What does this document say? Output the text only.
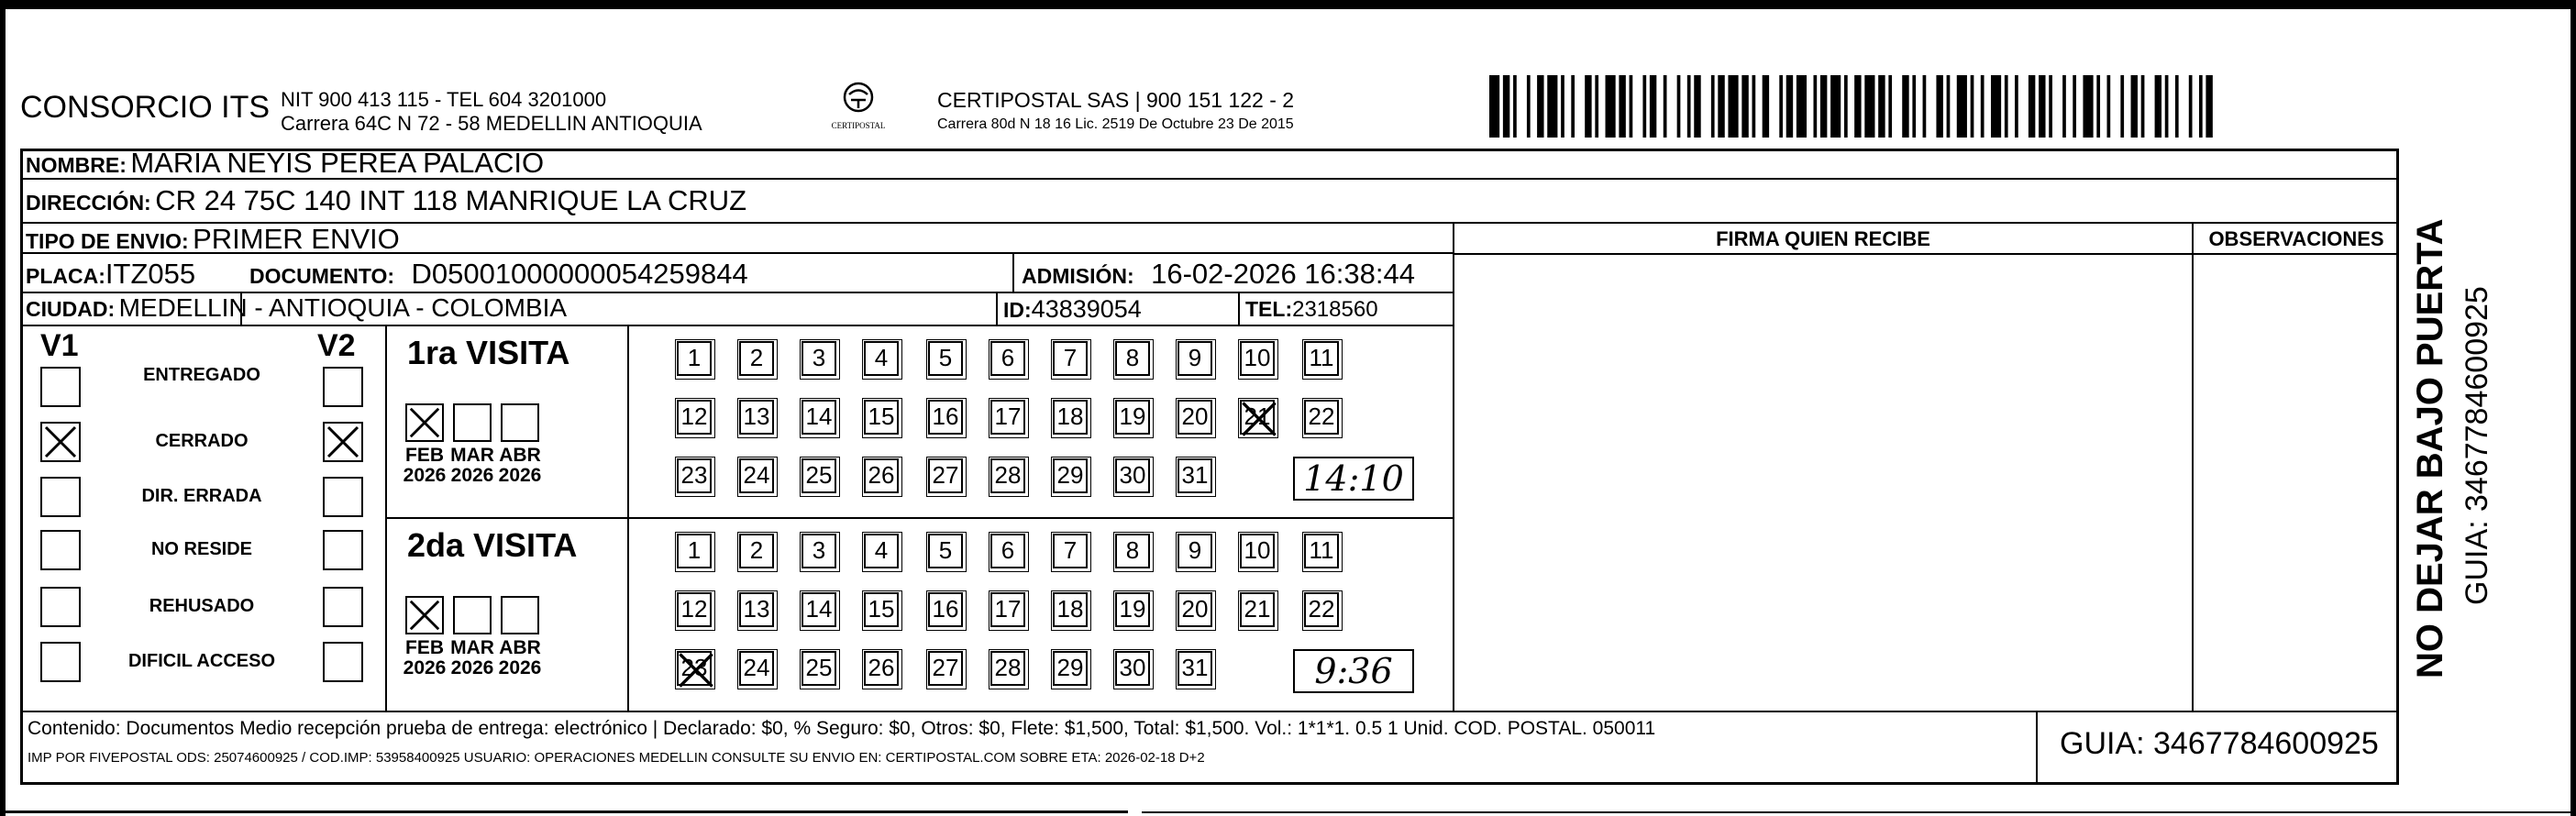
CONSORCIO ITS NIT 900 413 115 - TEL 604 3201000
Carrera 64C N 72 - 58 MEDELLIN ANTIOQUIA	CERTIPOSTAL
CERTIPOSTAL SAS | 900 151 122 - 2
Carrera 80d N 18 16 Lic. 2519 De Octubre 23 De 2015
NOMBRE: MARIA NEYIS PEREA PALACIO
DIRECCIÓN: CR 24 75C 140 INT 118 MANRIQUE LA CRUZ
TIPO DE ENVIO: PRIMER ENVIO
PLACA:ITZ055	DOCUMENTO: D05001000000054259844	ADMISIÓN: 16-02-2026 16:38:44
CIUDAD: MEDELLIN - ANTIOQUIA - COLOMBIA	ID:43839054	TEL:2318560
FIRMA QUIEN RECIBE	OBSERVACIONES
V1	V2
ENTREGADO
CERRADO
DIR. ERRADA
NO RESIDE
REHUSADO
DIFICIL ACCESO
1ra VISITA
2da VISITA
FEB
2026
MAR
2026
ABR
2026
1	2	3	4	5	6	7	8	9	10 11
12 13 14 15 16 17 18 19 20 21 22
23 24 25 26 27 28 29 30 31	14:10
FEB
2026
MAR
2026
ABR
2026
1	2	3	4	5	6	7	8	9	10 11
12 13 14 15 16 17 18 19 20 21 22
23 24 25 26 27 28 29 30 31	9:36
Contenido: Documentos Medio recepción prueba de entrega: electrónico | Declarado: $0, % Seguro: $0, Otros: $0, Flete: $1,500, Total: $1,500. Vol.: 1*1*1. 0.5 1 Unid. COD. POSTAL. 050011
IMP POR FIVEPOSTAL ODS: 25074600925 / COD.IMP: 53958400925 USUARIO: OPERACIONES MEDELLIN CONSULTE SU ENVIO EN: CERTIPOSTAL.COM SOBRE ETA: 2026-02-18 D+2	GUIA: 3467784600925
NO DEJAR BAJO PUERTA GUIA: 3467784600925
